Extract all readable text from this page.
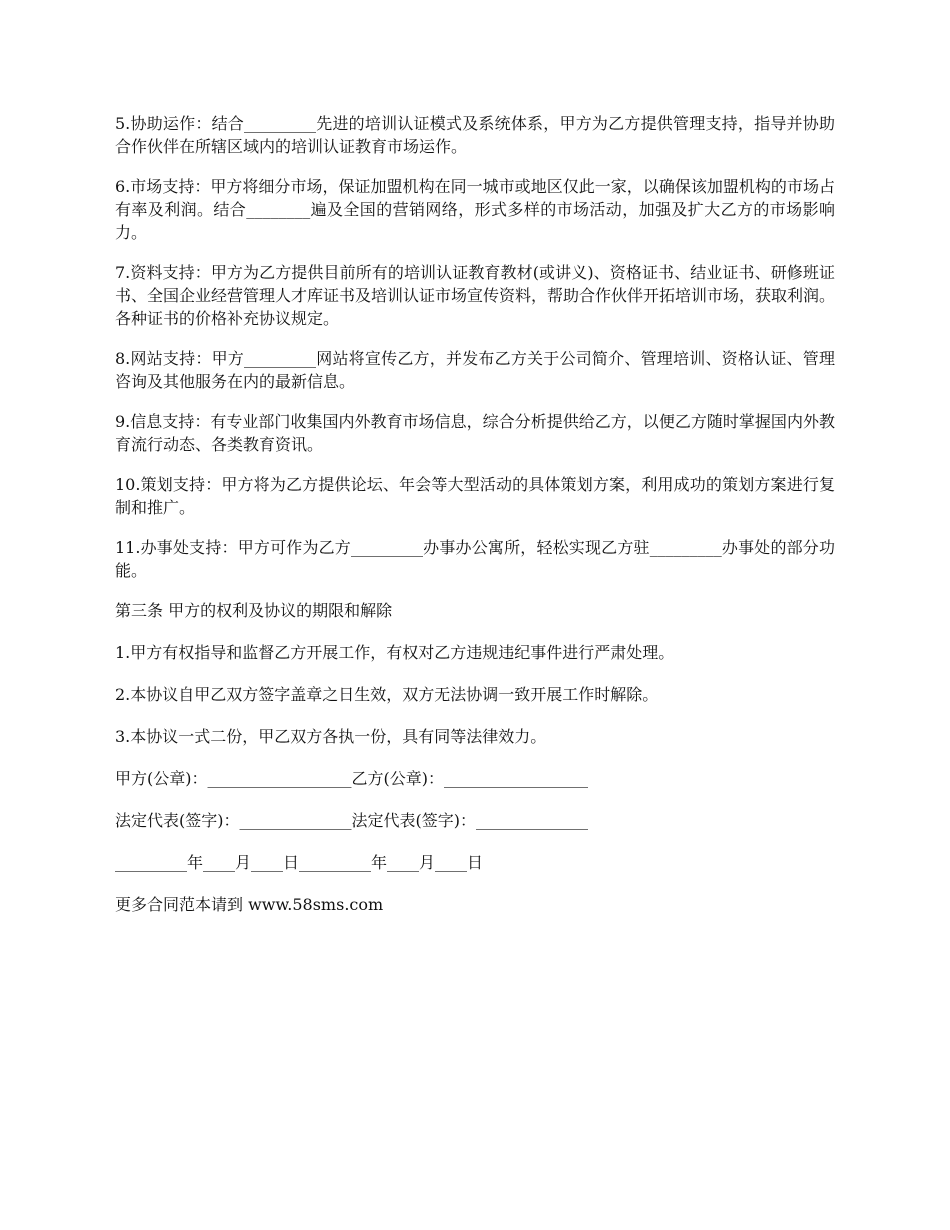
5.协助运作：结合_________先进的培训认证模式及系统体系，甲方为乙方提供管理支持，指导并协助合作伙伴在所辖区域内的培训认证教育市场运作。

6.市场支持：甲方将细分市场，保证加盟机构在同一城市或地区仅此一家，以确保该加盟机构的市场占有率及利润。结合________遍及全国的营销网络，形式多样的市场活动，加强及扩大乙方的市场影响力。

7.资料支持：甲方为乙方提供目前所有的培训认证教育教材(或讲义)、资格证书、结业证书、研修班证书、全国企业经营管理人才库证书及培训认证市场宣传资料，帮助合作伙伴开拓培训市场，获取利润。各种证书的价格补充协议规定。

8.网站支持：甲方_________网站将宣传乙方，并发布乙方关于公司简介、管理培训、资格认证、管理咨询及其他服务在内的最新信息。

9.信息支持：有专业部门收集国内外教育市场信息，综合分析提供给乙方，以便乙方随时掌握国内外教育流行动态、各类教育资讯。

10.策划支持：甲方将为乙方提供论坛、年会等大型活动的具体策划方案，利用成功的策划方案进行复制和推广。

11.办事处支持：甲方可作为乙方_________办事办公寓所，轻松实现乙方驻_________办事处的部分功能。

第三条 甲方的权利及协议的期限和解除

1.甲方有权指导和监督乙方开展工作，有权对乙方违规违纪事件进行严肃处理。

2.本协议自甲乙双方签字盖章之日生效，双方无法协调一致开展工作时解除。

3.本协议一式二份，甲乙双方各执一份，具有同等法律效力。

甲方(公章)：__________________乙方(公章)：__________________

法定代表(签字)：______________法定代表(签字)：______________

_________年____月____日_________年____月____日

更多合同范本请到 www.58sms.com
